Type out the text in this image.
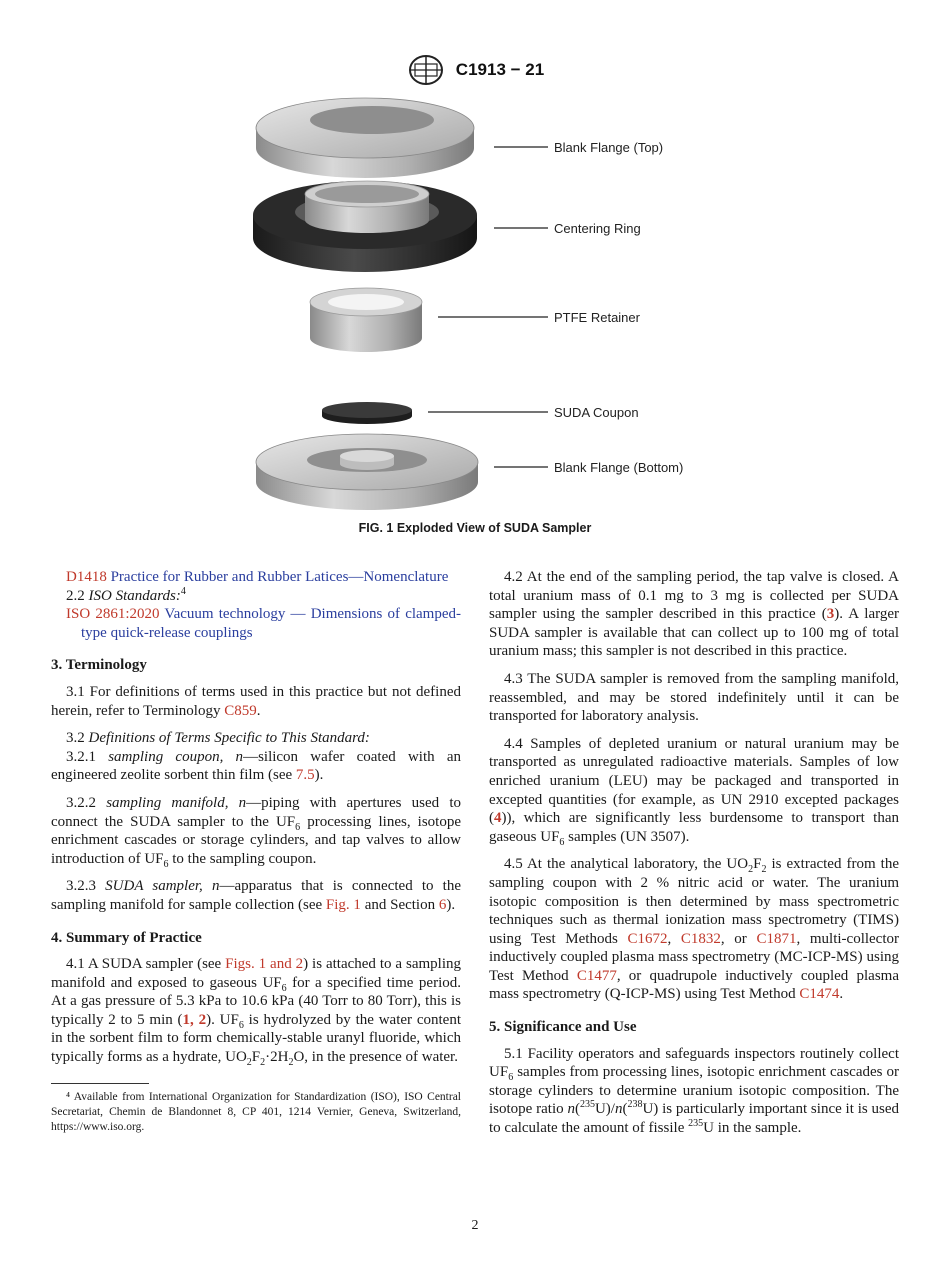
C1913 − 21
Blank Flange (Top)
Centering Ring
PTFE Retainer
SUDA Coupon
Blank Flange (Bottom)
FIG. 1 Exploded View of SUDA Sampler

D1418 Practice for Rubber and Rubber Latices—Nomenclature

2.2 ISO Standards:$^4$

ISO 2861:2020 Vacuum technology — Dimensions of clamped-type quick-release couplings

3. Terminology

3.1 For definitions of terms used in this practice but not defined herein, refer to Terminology C859.

3.2 Definitions of Terms Specific to This Standard:

3.2.1 sampling coupon, n—silicon wafer coated with an engineered zeolite sorbent thin film (see 7.5).

3.2.2 sampling manifold, n—piping with apertures used to connect the SUDA sampler to the $UF_6$ processing lines, isotope enrichment cascades or storage cylinders, and tap valves to allow introduction of $UF_6$ to the sampling coupon.

3.2.3 SUDA sampler, n—apparatus that is connected to the sampling manifold for sample collection (see Fig. 1 and Section 6).

4. Summary of Practice

4.1 A SUDA sampler (see Figs. 1 and 2) is attached to a sampling manifold and exposed to gaseous $UF_6$ for a specified time period. At a gas pressure of 5.3 kPa to 10.6 kPa (40 Torr to 80 Torr), this is typically 2 to 5 min (1, 2). $UF_6$ is hydrolyzed by the water content in the sorbent film to form chemically-stable uranyl fluoride, which typically forms as a hydrate, $UO_2F_2\cdot 2H_2O$, in the presence of water.

⁴ Available from International Organization for Standardization (ISO), ISO Central Secretariat, Chemin de Blandonnet 8, CP 401, 1214 Vernier, Geneva, Switzerland, https://www.iso.org.

4.2 At the end of the sampling period, the tap valve is closed. A total uranium mass of 0.1 mg to 3 mg is collected per SUDA sampler using the sampler described in this practice (3). A larger SUDA sampler is available that can collect up to 100 mg of total uranium mass; this sampler is not described in this practice.

4.3 The SUDA sampler is removed from the sampling manifold, reassembled, and may be stored indefinitely until it can be transported for laboratory analysis.

4.4 Samples of depleted uranium or natural uranium may be transported as unregulated radioactive materials. Samples of low enriched uranium (LEU) may be packaged and transported in excepted quantities (for example, as UN 2910 excepted packages (4)), which are significantly less burdensome to transport than gaseous $UF_6$ samples (UN 3507).

4.5 At the analytical laboratory, the $UO_2F_2$ is extracted from the sampling coupon with 2 % nitric acid or water. The uranium isotopic composition is then determined by mass spectrometric techniques such as thermal ionization mass spectrometry (TIMS) using Test Methods C1672, C1832, or C1871, multi-collector inductively coupled plasma mass spectrometry (MC-ICP-MS) using Test Method C1477, or quadrupole inductively coupled plasma mass spectrometry (Q-ICP-MS) using Test Method C1474.

5. Significance and Use

5.1 Facility operators and safeguards inspectors routinely collect $UF_6$ samples from processing lines, isotopic enrichment cascades or storage cylinders to determine uranium isotopic composition. The isotope ratio n($^{235}$U)/n($^{238}$U) is particularly important since it is used to calculate the amount of fissile $^{235}$U in the sample.

2
